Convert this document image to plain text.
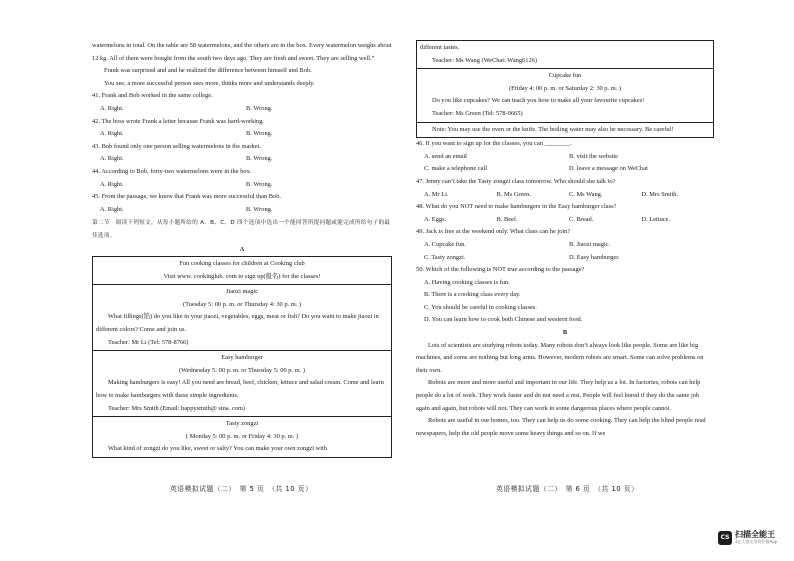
watermelons in total. On the table are 58 watermelons, and the others are in the box. Every watermelon weighs about 12 kg. All of them were bought from the south two days ago. They are fresh and sweet. They are selling well.”

Frank was surprised and and he realized the difference between himself and Bob.

You see, a more successful person sees more, thinks more and understands deeply.

41. Frank and Bob worked in the same college.

A. Right.	B. Wrong.

42. The boss wrote Frank a letter because Frank was hard-working.

A. Right.	B. Wrong.

43. Bob found only one person selling watermelons in the market.

A. Right.	B. Wrong.

44. According to Bob, forty-two watermelons were in the box.

A. Right.	B. Wrong.

45. From the passage, we know that Frank was more successful than Bob.

A. Right.	B. Wrong.

第二节　阅读下列短文，从每小题所给的 A、B、C、D 四个选项中选出一个能回答所提问题或能完成所给句子的最佳选项。

A

Fun cooking classes for children at Cooking club

Visit www. cookinglub. com to sign up(报名) for the classes!

Jiaozi magic

(Tuesday 5: 00 p. m. or Thursday 4: 30 p. m. )

What fillings(馅) do you like in your jiaozi, vegetables, eggs, meat or fish? Do you want to make jiaozi in different colors? Come and join us.

Teacher: Mr Li (Tel: 578-8766)

Easy hamburger

(Wednesday 5: 00 p. m. or Thursday 5: 00 p. m. )

Making hamburgers is easy! All you need are bread, beef, chicken, lettuce and salad cream. Come and learn how to make hamburgers with these simple ingredients.

Teacher: Mrs Smith (Email: happysmith@ sina. com)

Tasty zongzi

( Monday 5: 00 p. m. or Friday 4: 30 p. m. )

What kind of zongzi do you like, sweet or salty? You can make your own zongzi with

英语模拟试题（二）　第 5 页　（共 10 页）

different tastes.

Teacher: Ms Wang (WeChat: Wang6126)

Cupcake fun

(Friday 4: 00 p. m. or Saturday 2: 30 p. m. )

Do you like cupcakes? We can teach you how to make all your favourite cupcakes!

Teacher: Ms Green (Tel: 578-9665)

Note: You may use the oven or the knife. The boiling water may also be necessary. Be careful!

46. If you want to sign up for the classes, you can ________.

A. send an email	B. visit the website
C. make a telephone call	D. leave a message on WeChat

47. Jenny can’t take the Tasty zongzi class tomorrow. Who should she talk to?

A. Mr Li.	B. Ms Green.	C. Ms Wang.	D. Mrs Smith.

48. What do you NOT need to make hamburgers in the Easy hamburger class?

A. Eggs.	B. Beef.	C. Bread.	D. Lettuce.

49. Jack is free at the weekend only. What class can he join?

A. Cupcake fun.	B. Jiaozi magic.
C. Tasty zongzi.	D. Easy hamburger.

50. Which of the following is NOT true according to the passage?

A. Having cooking classes is fun.

B. There is a cooking class every day.

C. You should be careful in cooking classes.

D. You can learn how to cook both Chinese and western food.

B

Lots of scientists are studying robots today. Many robots don’t always look like people. Some are like big machines, and some are nothing but long arms. However, modern robots are smart. Some can solve problems on their own.

Robots are more and more useful and important in our life. They help us a lot. In factories, robots can help people do a lot of work. They work faster and do not need a rest. People will feel bored if they do the same job again and again, but robots will not. They can work in some dangerous places where people cannot.

Robots are useful in our homes, too. They can help us do some cooking. They can help the blind people read newspapers, help the old people move some heavy things and so on. If we

英语模拟试题（二）　第 6 页　（共 10 页）
CS 扫描全能王
3亿人都在用的扫描App
